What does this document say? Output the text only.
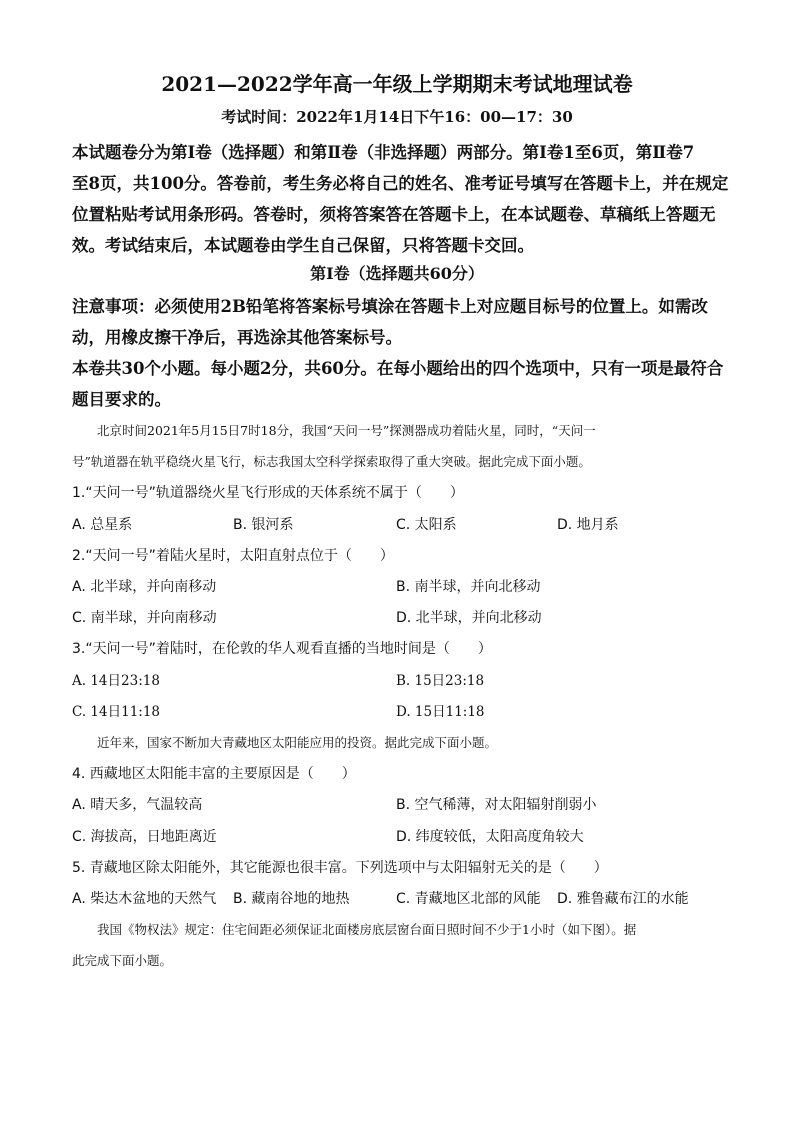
2021—2022学年高一年级上学期期末考试地理试卷
考试时间：2022年1月14日下午16：00—17：30
本试题卷分为第Ⅰ卷（选择题）和第Ⅱ卷（非选择题）两部分。第Ⅰ卷1至6页，第Ⅱ卷7
至8页，共100分。答卷前，考生务必将自己的姓名、准考证号填写在答题卡上，并在规定
位置粘贴考试用条形码。答卷时，须将答案答在答题卡上，在本试题卷、草稿纸上答题无
效。考试结束后，本试题卷由学生自己保留，只将答题卡交回。
第Ⅰ卷（选择题共60分）
注意事项：必须使用2B铅笔将答案标号填涂在答题卡上对应题目标号的位置上。如需改
动，用橡皮擦干净后，再选涂其他答案标号。
本卷共30个小题。每小题2分，共60分。在每小题给出的四个选项中，只有一项是最符合
题目要求的。
　　北京时间2021年5月15日7时18分，我国“天问一号”探测器成功着陆火星，同时，“天问一
号”轨道器在轨平稳绕火星飞行，标志我国太空科学探索取得了重大突破。据此完成下面小题。
1.“天问一号”轨道器绕火星飞行形成的天体系统不属于（　　）
A. 总星系	B. 银河系	C. 太阳系	D. 地月系
2.“天问一号”着陆火星时，太阳直射点位于（　　）
A. 北半球，并向南移动	B. 南半球，并向北移动
C. 南半球，并向南移动	D. 北半球，并向北移动
3.“天问一号”着陆时，在伦敦的华人观看直播的当地时间是（　　）
A. 14日23:18	B. 15日23:18
C. 14日11:18	D. 15日11:18
　　近年来，国家不断加大青藏地区太阳能应用的投资。据此完成下面小题。
4. 西藏地区太阳能丰富的主要原因是（　　）
A. 晴天多，气温较高	B. 空气稀薄，对太阳辐射削弱小
C. 海拔高，日地距离近	D. 纬度较低，太阳高度角较大
5. 青藏地区除太阳能外，其它能源也很丰富。下列选项中与太阳辐射无关的是（　　）
A. 柴达木盆地的天然气 B. 藏南谷地的地热	C. 青藏地区北部的风能 D. 雅鲁藏布江的水能
　　我国《物权法》规定：住宅间距必须保证北面楼房底层窗台面日照时间不少于1小时（如下图）。据
此完成下面小题。
